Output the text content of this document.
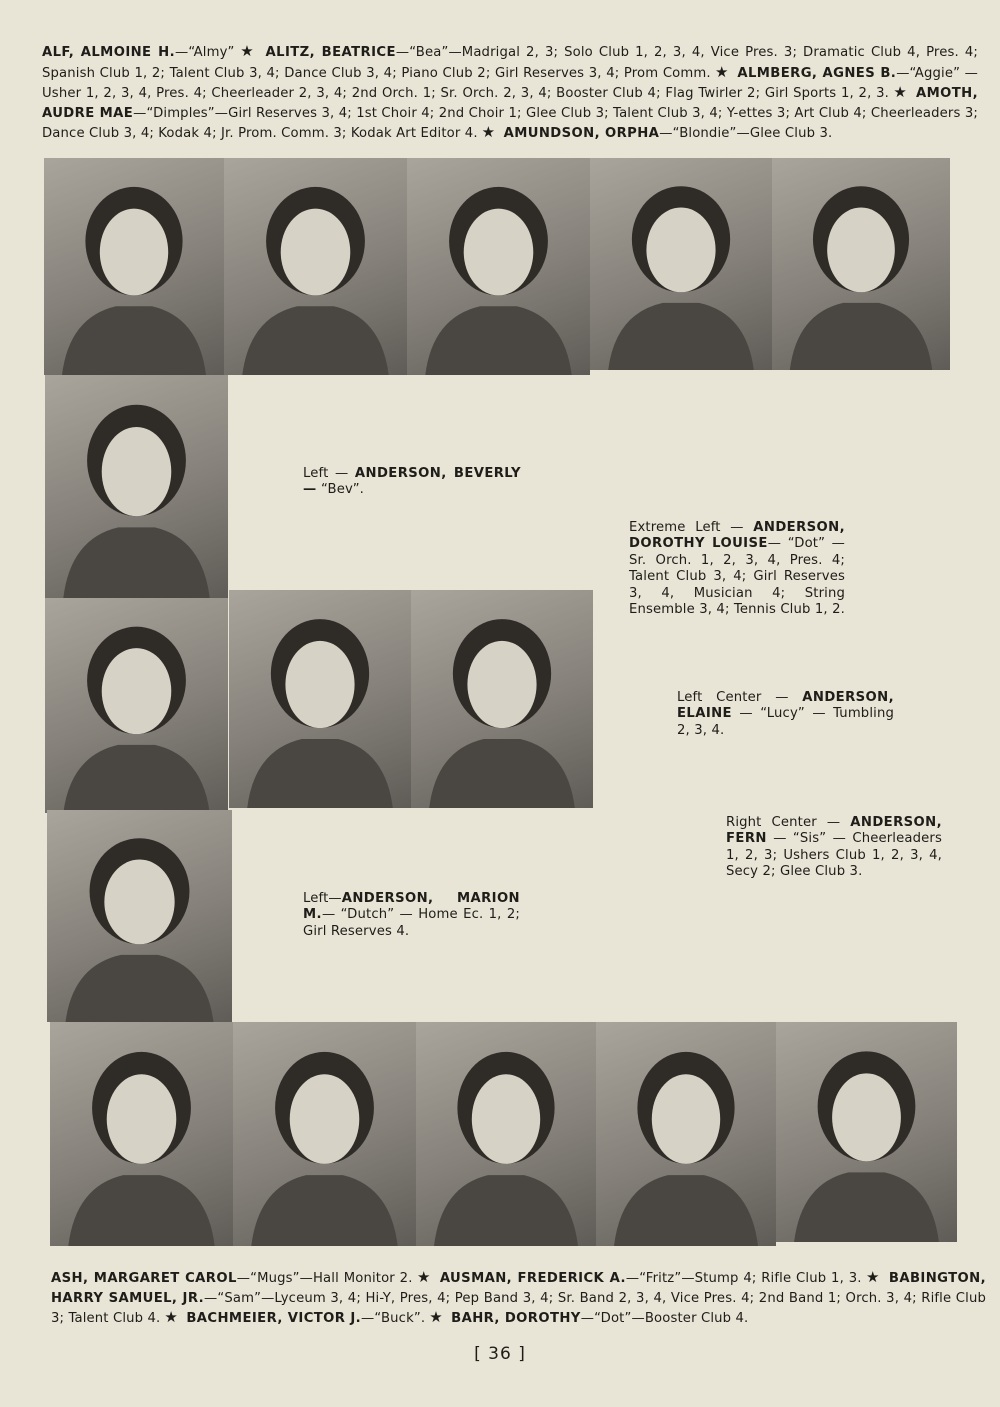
ALF, ALMOINE H.—“Almy” ★ ALITZ, BEATRICE—“Bea”—Madrigal 2, 3; Solo Club 1, 2, 3, 4, Vice Pres. 3; Dramatic Club 4, Pres. 4; Spanish Club 1, 2; Talent Club 3, 4; Dance Club 3, 4; Piano Club 2; Girl Reserves 3, 4; Prom Comm. ★ ALMBERG, AGNES B.—“Aggie” —Usher 1, 2, 3, 4, Pres. 4; Cheerleader 2, 3, 4; 2nd Orch. 1; Sr. Orch. 2, 3, 4; Booster Club 4; Flag Twirler 2; Girl Sports 1, 2, 3. ★ AMOTH, AUDRE MAE—“Dimples”—Girl Reserves 3, 4; 1st Choir 4; 2nd Choir 1; Glee Club 3; Talent Club 3, 4; Y-ettes 3; Art Club 4; Cheerleaders 3; Dance Club 3, 4; Kodak 4; Jr. Prom. Comm. 3; Kodak Art Editor 4. ★ AMUNDSON, ORPHA—“Blondie”—Glee Club 3.
Left — ANDERSON, BEVERLY — “Bev”.
Extreme Left — ANDERSON, DOROTHY LOUISE— “Dot” — Sr. Orch. 1, 2, 3, 4, Pres. 4; Talent Club 3, 4; Girl Reserves 3, 4, Musician 4; String Ensemble 3, 4; Tennis Club 1, 2.
Left Center — ANDERSON, ELAINE — “Lucy” — Tumbling 2, 3, 4.
Right Center — ANDERSON, FERN — “Sis” — Cheerleaders 1, 2, 3; Ushers Club 1, 2, 3, 4, Secy 2; Glee Club 3.
Left—ANDERSON, MARION M.— “Dutch” — Home Ec. 1, 2; Girl Reserves 4.
ASH, MARGARET CAROL—“Mugs”—Hall Monitor 2. ★ AUSMAN, FREDERICK A.—“Fritz”—Stump 4; Rifle Club 1, 3. ★ BABINGTON, HARRY SAMUEL, JR.—“Sam”—Lyceum 3, 4; Hi-Y, Pres, 4; Pep Band 3, 4; Sr. Band 2, 3, 4, Vice Pres. 4; 2nd Band 1; Orch. 3, 4; Rifle Club 3; Talent Club 4. ★ BACHMEIER, VICTOR J.—“Buck”. ★ BAHR, DOROTHY—“Dot”—Booster Club 4.
[ 36 ]
